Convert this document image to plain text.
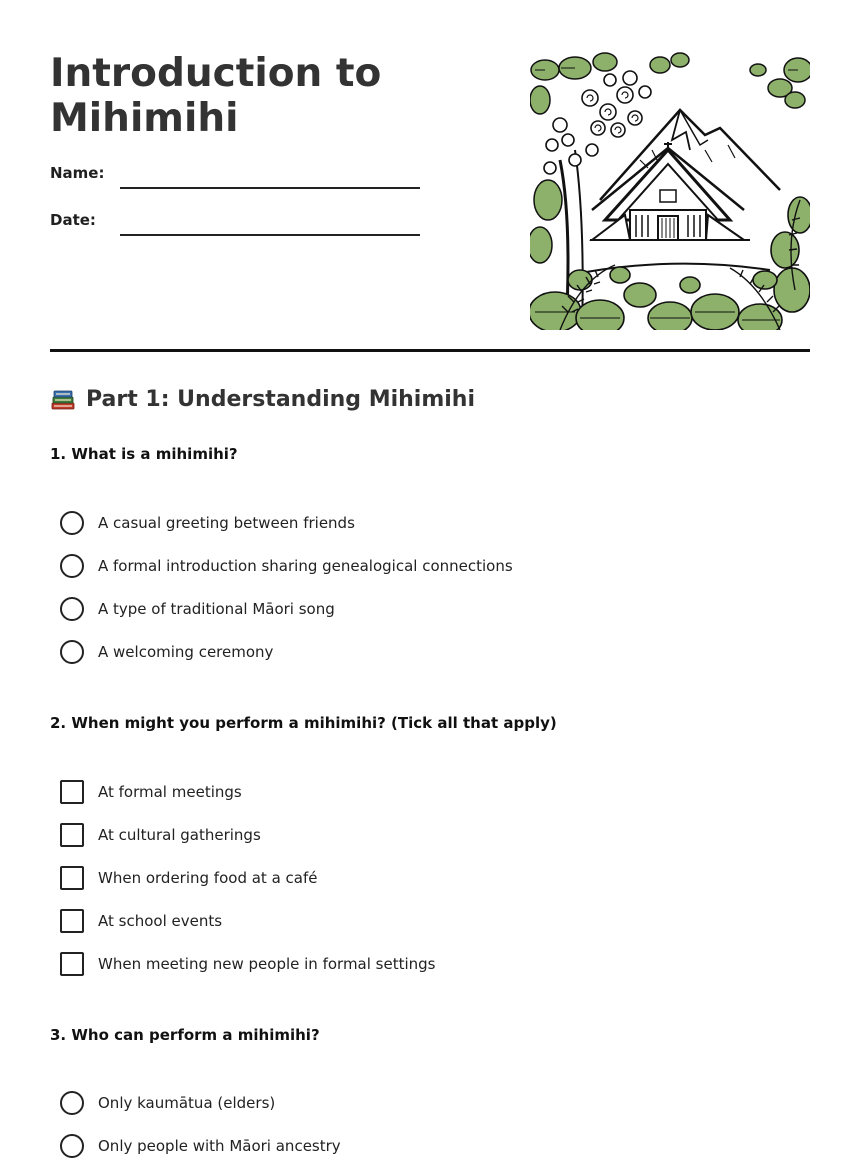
Introduction to
Mihimihi
Name:
Date:
Part 1: Understanding Mihimihi

1. What is a mihimihi?

A casual greeting between friends
A formal introduction sharing genealogical connections
A type of traditional Māori song
A welcoming ceremony

2. When might you perform a mihimihi? (Tick all that apply)

At formal meetings
At cultural gatherings
When ordering food at a café
At school events
When meeting new people in formal settings

3. Who can perform a mihimihi?

Only kaumātua (elders)
Only people with Māori ancestry
